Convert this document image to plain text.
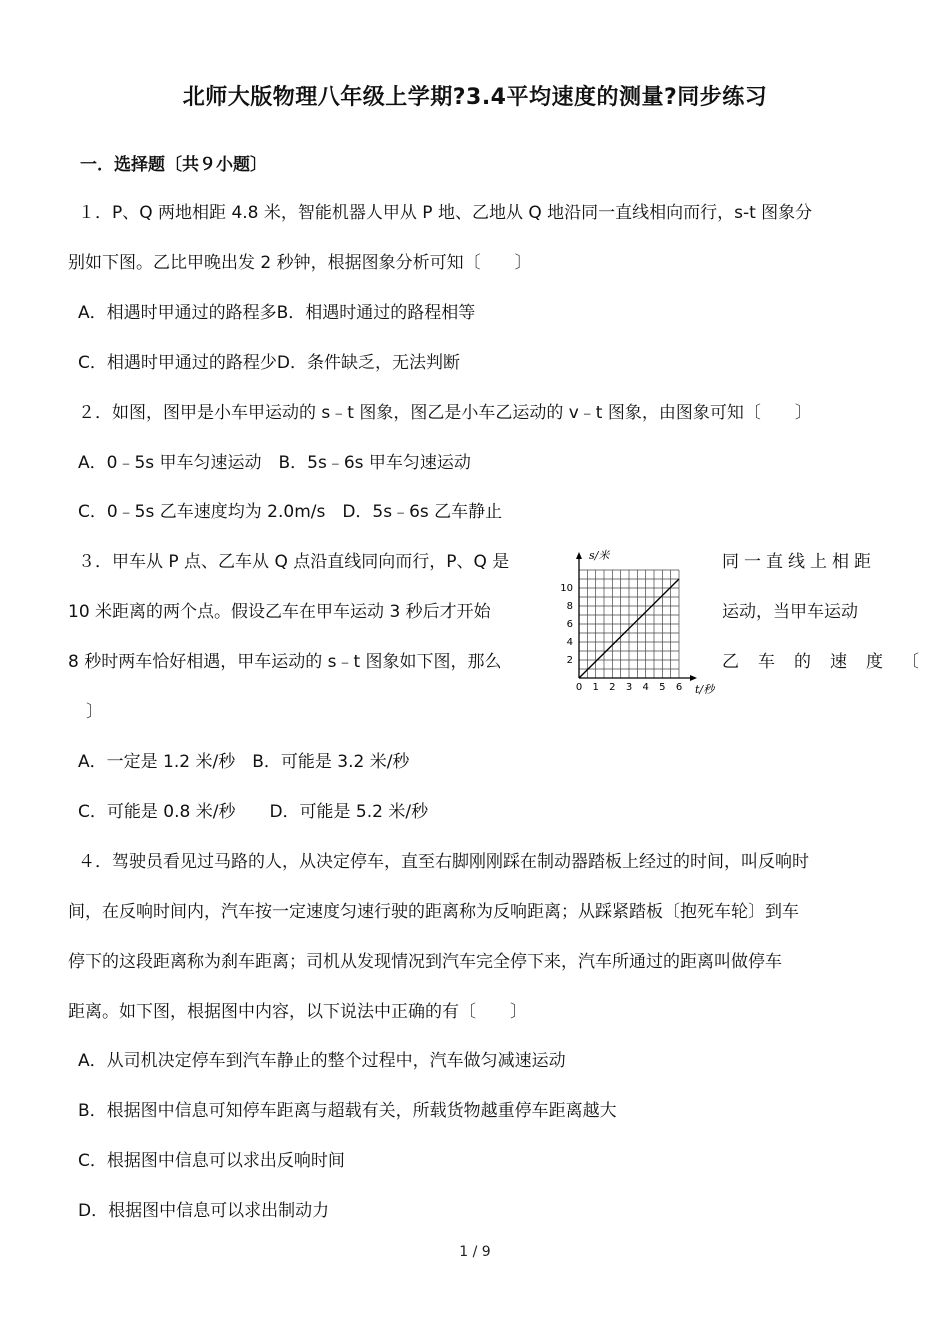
北师大版物理八年级上学期?3.4平均速度的测量?同步练习
一．选择题〔共９小题〕
１．P、Q 两地相距 4.8 米，智能机器人甲从 P 地、乙地从 Q 地沿同一直线相向而行，s-t 图象分
别如下图。乙比甲晚出发 2 秒钟，根据图象分析可知〔　　〕
A．相遇时甲通过的路程多B．相遇时通过的路程相等
C．相遇时甲通过的路程少D．条件缺乏，无法判断
２．如图，图甲是小车甲运动的 s﹣t 图象，图乙是小车乙运动的 v﹣t 图象，由图象可知〔　　〕
A．0﹣5s 甲车匀速运动　B．5s﹣6s 甲车匀速运动
C．0﹣5s 乙车速度均为 2.0m/s　D．5s﹣6s 乙车静止
３．甲车从 P 点、乙车从 Q 点沿直线同向而行，P、Q 是	同一直线上相距
10 米距离的两个点。假设乙车在甲车运动 3 秒后才开始	运动，当甲车运动
8 秒时两车恰好相遇，甲车运动的 s﹣t 图象如下图，那么	乙车的速度〔
〕
0 1 2 3 4 5 6
2
4
6
8
10
s/米
t/秒
A．一定是 1.2 米/秒　B．可能是 3.2 米/秒
C．可能是 0.8 米/秒　　D．可能是 5.2 米/秒
４．驾驶员看见过马路的人，从决定停车，直至右脚刚刚踩在制动器踏板上经过的时间，叫反响时
间，在反响时间内，汽车按一定速度匀速行驶的距离称为反响距离；从踩紧踏板〔抱死车轮〕到车
停下的这段距离称为刹车距离；司机从发现情况到汽车完全停下来，汽车所通过的距离叫做停车
距离。如下图，根据图中内容，以下说法中正确的有〔　　〕
A．从司机决定停车到汽车静止的整个过程中，汽车做匀减速运动
B．根据图中信息可知停车距离与超载有关，所载货物越重停车距离越大
C．根据图中信息可以求出反响时间
D．根据图中信息可以求出制动力
1 / 9
